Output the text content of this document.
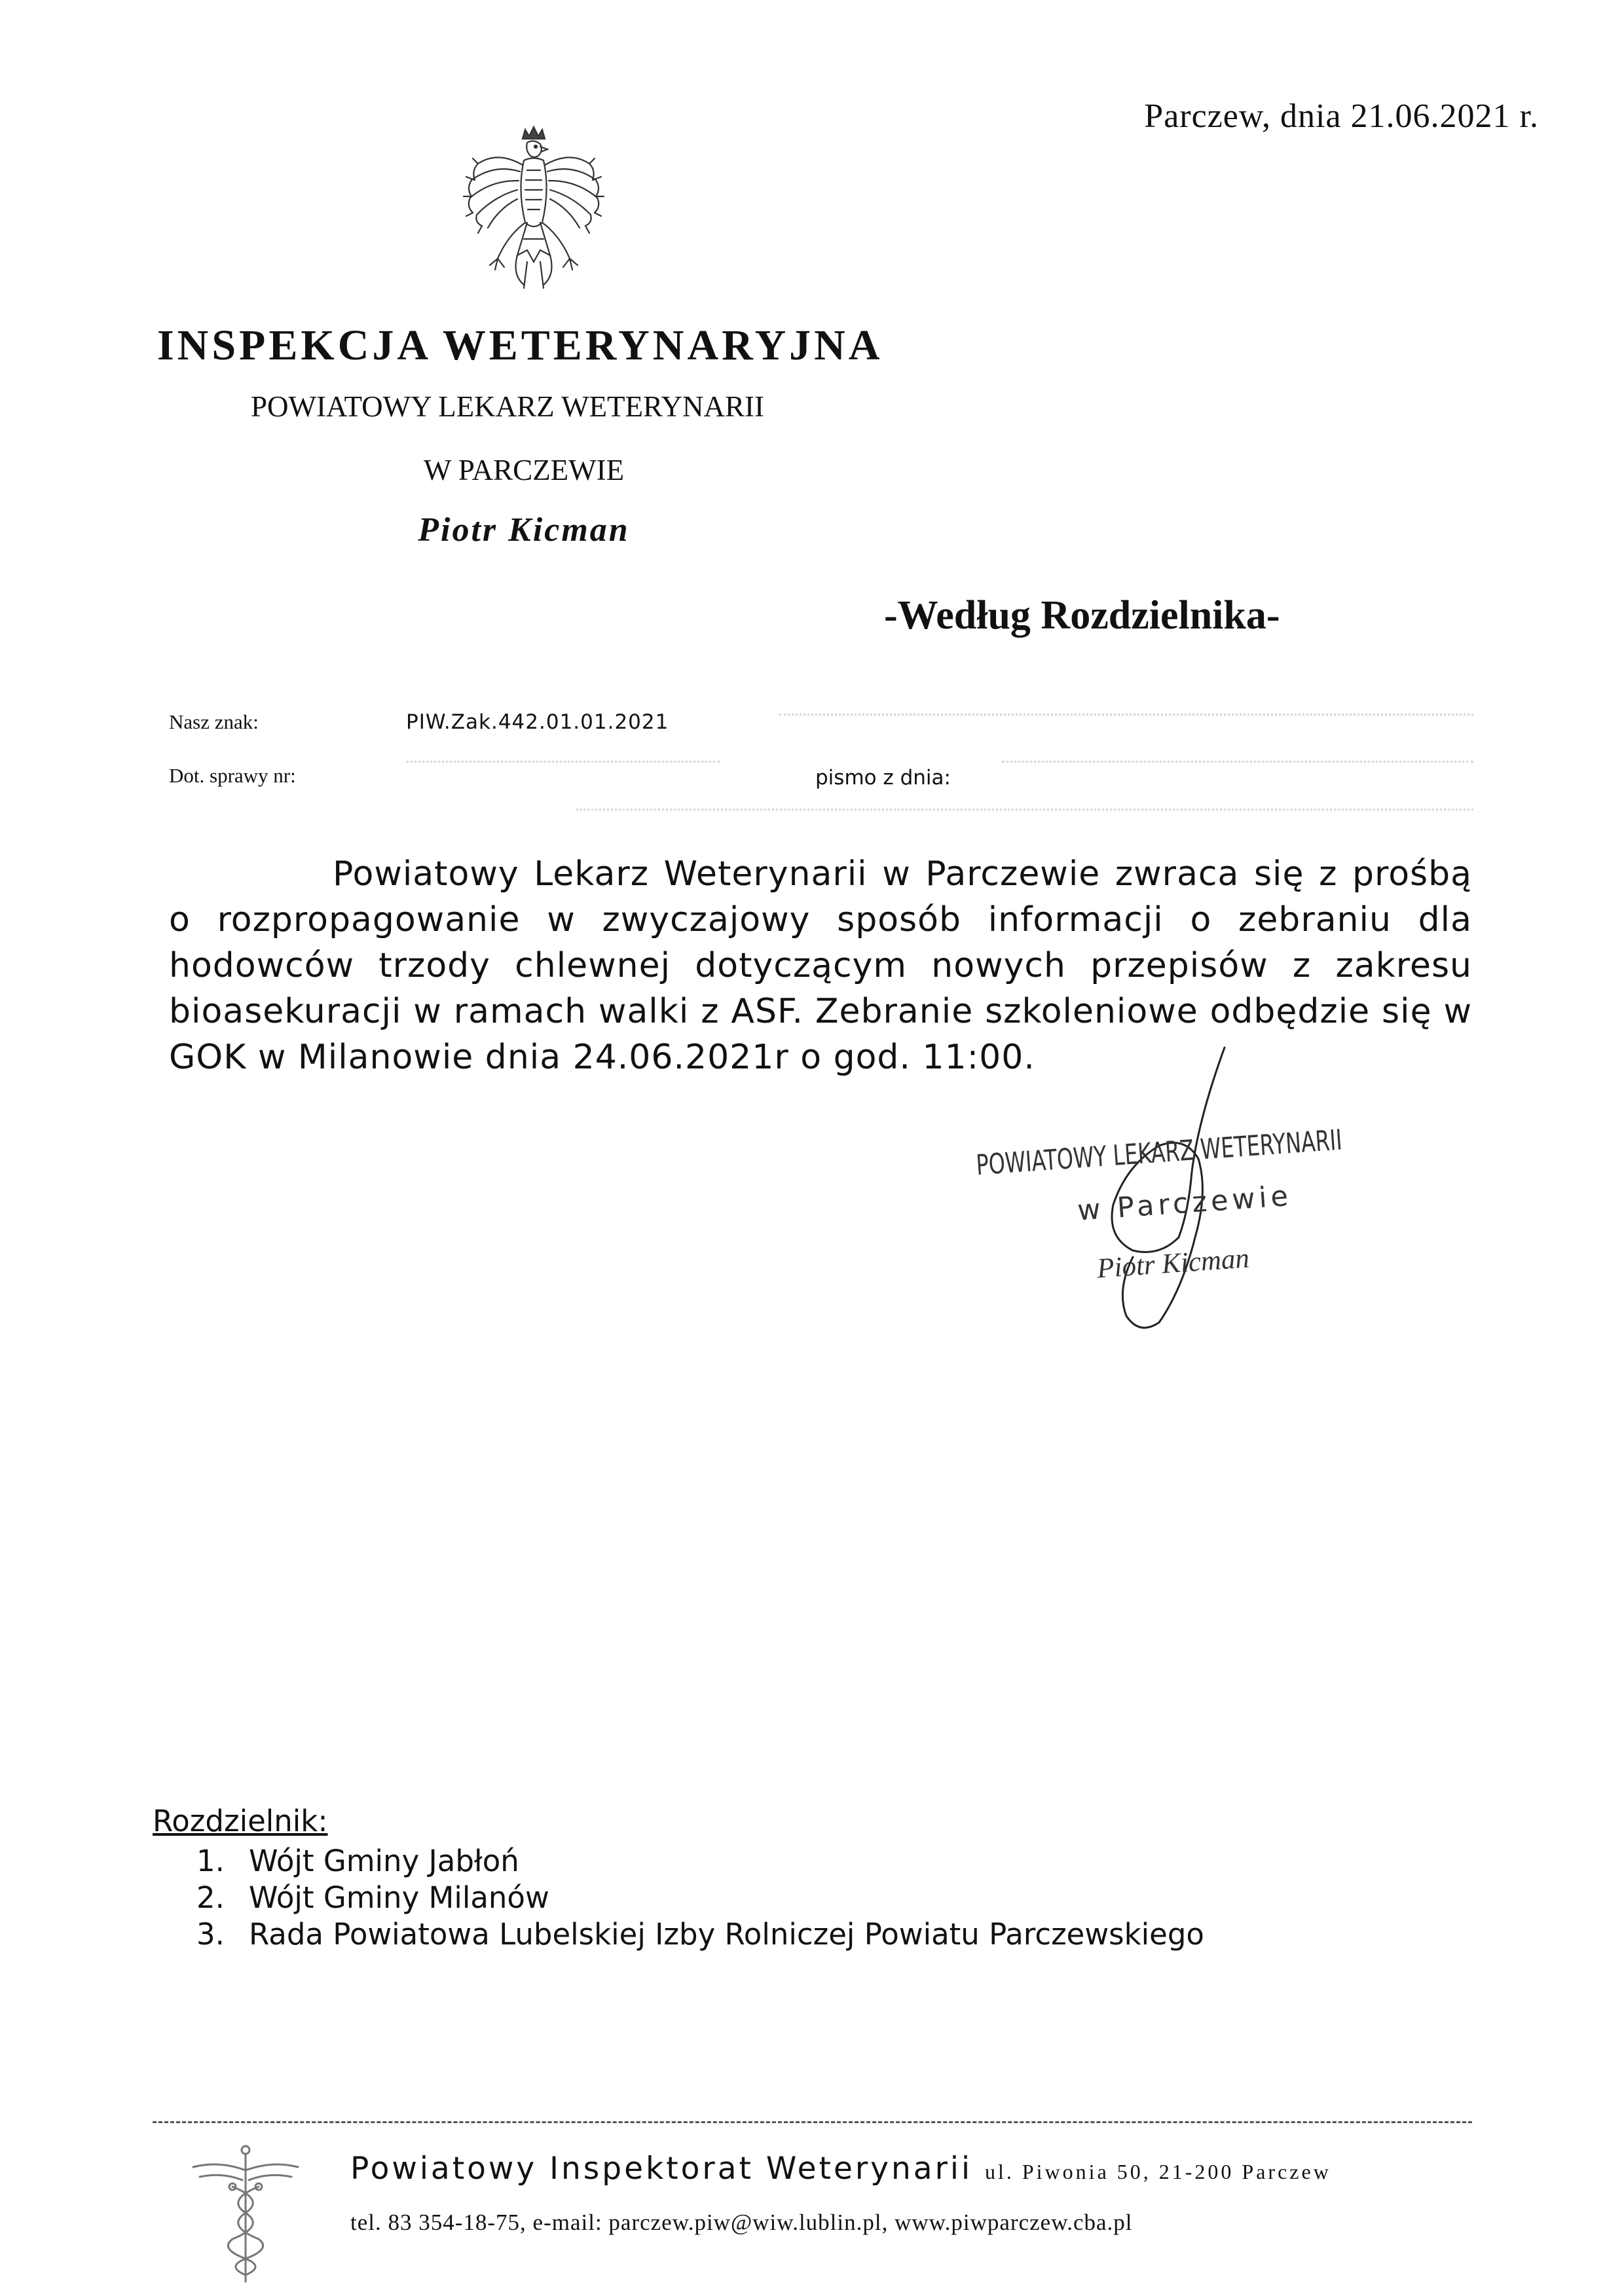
Parczew, dnia 21.06.2021 r.
INSPEKCJA WETERYNARYJNA
POWIATOWY LEKARZ WETERYNARII
W PARCZEWIE
Piotr Kicman
-Według Rozdzielnika-
Nasz znak:	PIW.Zak.442.01.01.2021
Dot. sprawy nr:	pismo z dnia:
Powiatowy Lekarz Weterynarii w Parczewie zwraca się z prośbą o rozpropagowanie w zwyczajowy sposób informacji o zebraniu dla hodowców trzody chlewnej dotyczącym nowych przepisów z zakresu bioasekuracji w ramach walki z ASF. Zebranie szkoleniowe odbędzie się w GOK w Milanowie dnia 24.06.2021r o god. 11:00.
POWIATOWY LEKARZ WETERYNARII
w Parczewie
Piotr Kicman
Rozdzielnik:
1. Wójt Gminy Jabłoń
2. Wójt Gminy Milanów
3. Rada Powiatowa Lubelskiej Izby Rolniczej Powiatu Parczewskiego
Powiatowy Inspektorat Weterynarii ul. Piwonia 50, 21-200 Parczew
tel. 83 354-18-75, e-mail: parczew.piw@wiw.lublin.pl, www.piwparczew.cba.pl
